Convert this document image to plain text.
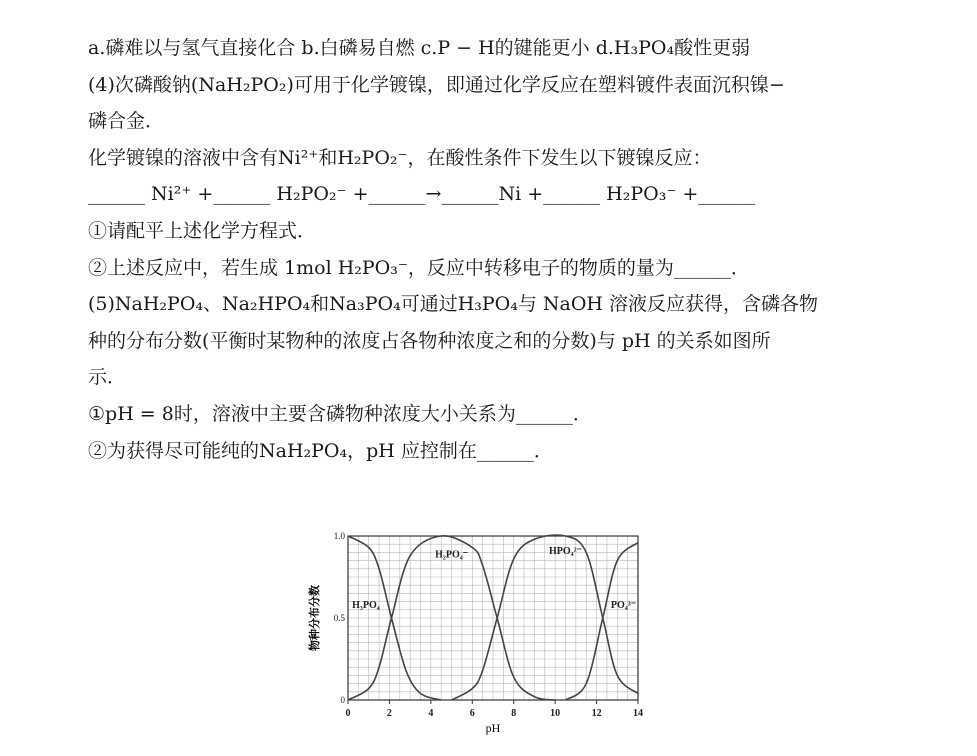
a.磷难以与氢气直接化合 b.白磷易自燃 c.P − H的键能更小 d.H₃PO₄酸性更弱
(4)次磷酸钠(NaH₂PO₂)可用于化学镀镍，即通过化学反应在塑料镀件表面沉积镍−
磷合金．
化学镀镍的溶液中含有Ni²⁺和H₂PO₂⁻，在酸性条件下发生以下镀镍反应：
______ Ni²⁺ +______ H₂PO₂⁻ +______→______Ni +______ H₂PO₃⁻ +______
①请配平上述化学方程式．
②上述反应中，若生成 1mol H₂PO₃⁻，反应中转移电子的物质的量为______．
(5)NaH₂PO₄、Na₂HPO₄和Na₃PO₄可通过H₃PO₄与 NaOH 溶液反应获得，含磷各物
种的分布分数(平衡时某物种的浓度占各物种浓度之和的分数)与 pH 的关系如图所
示．
①pH = 8时，溶液中主要含磷物种浓度大小关系为______．
②为获得尽可能纯的NaH₂PO₄，pH 应控制在______．
0	2	4	6	8	10	12	14
0
0.5
1.0
H₃PO₄
H₂PO₄⁻	HPO₄²⁻
PO₄³⁻
物种分布分数
pH
